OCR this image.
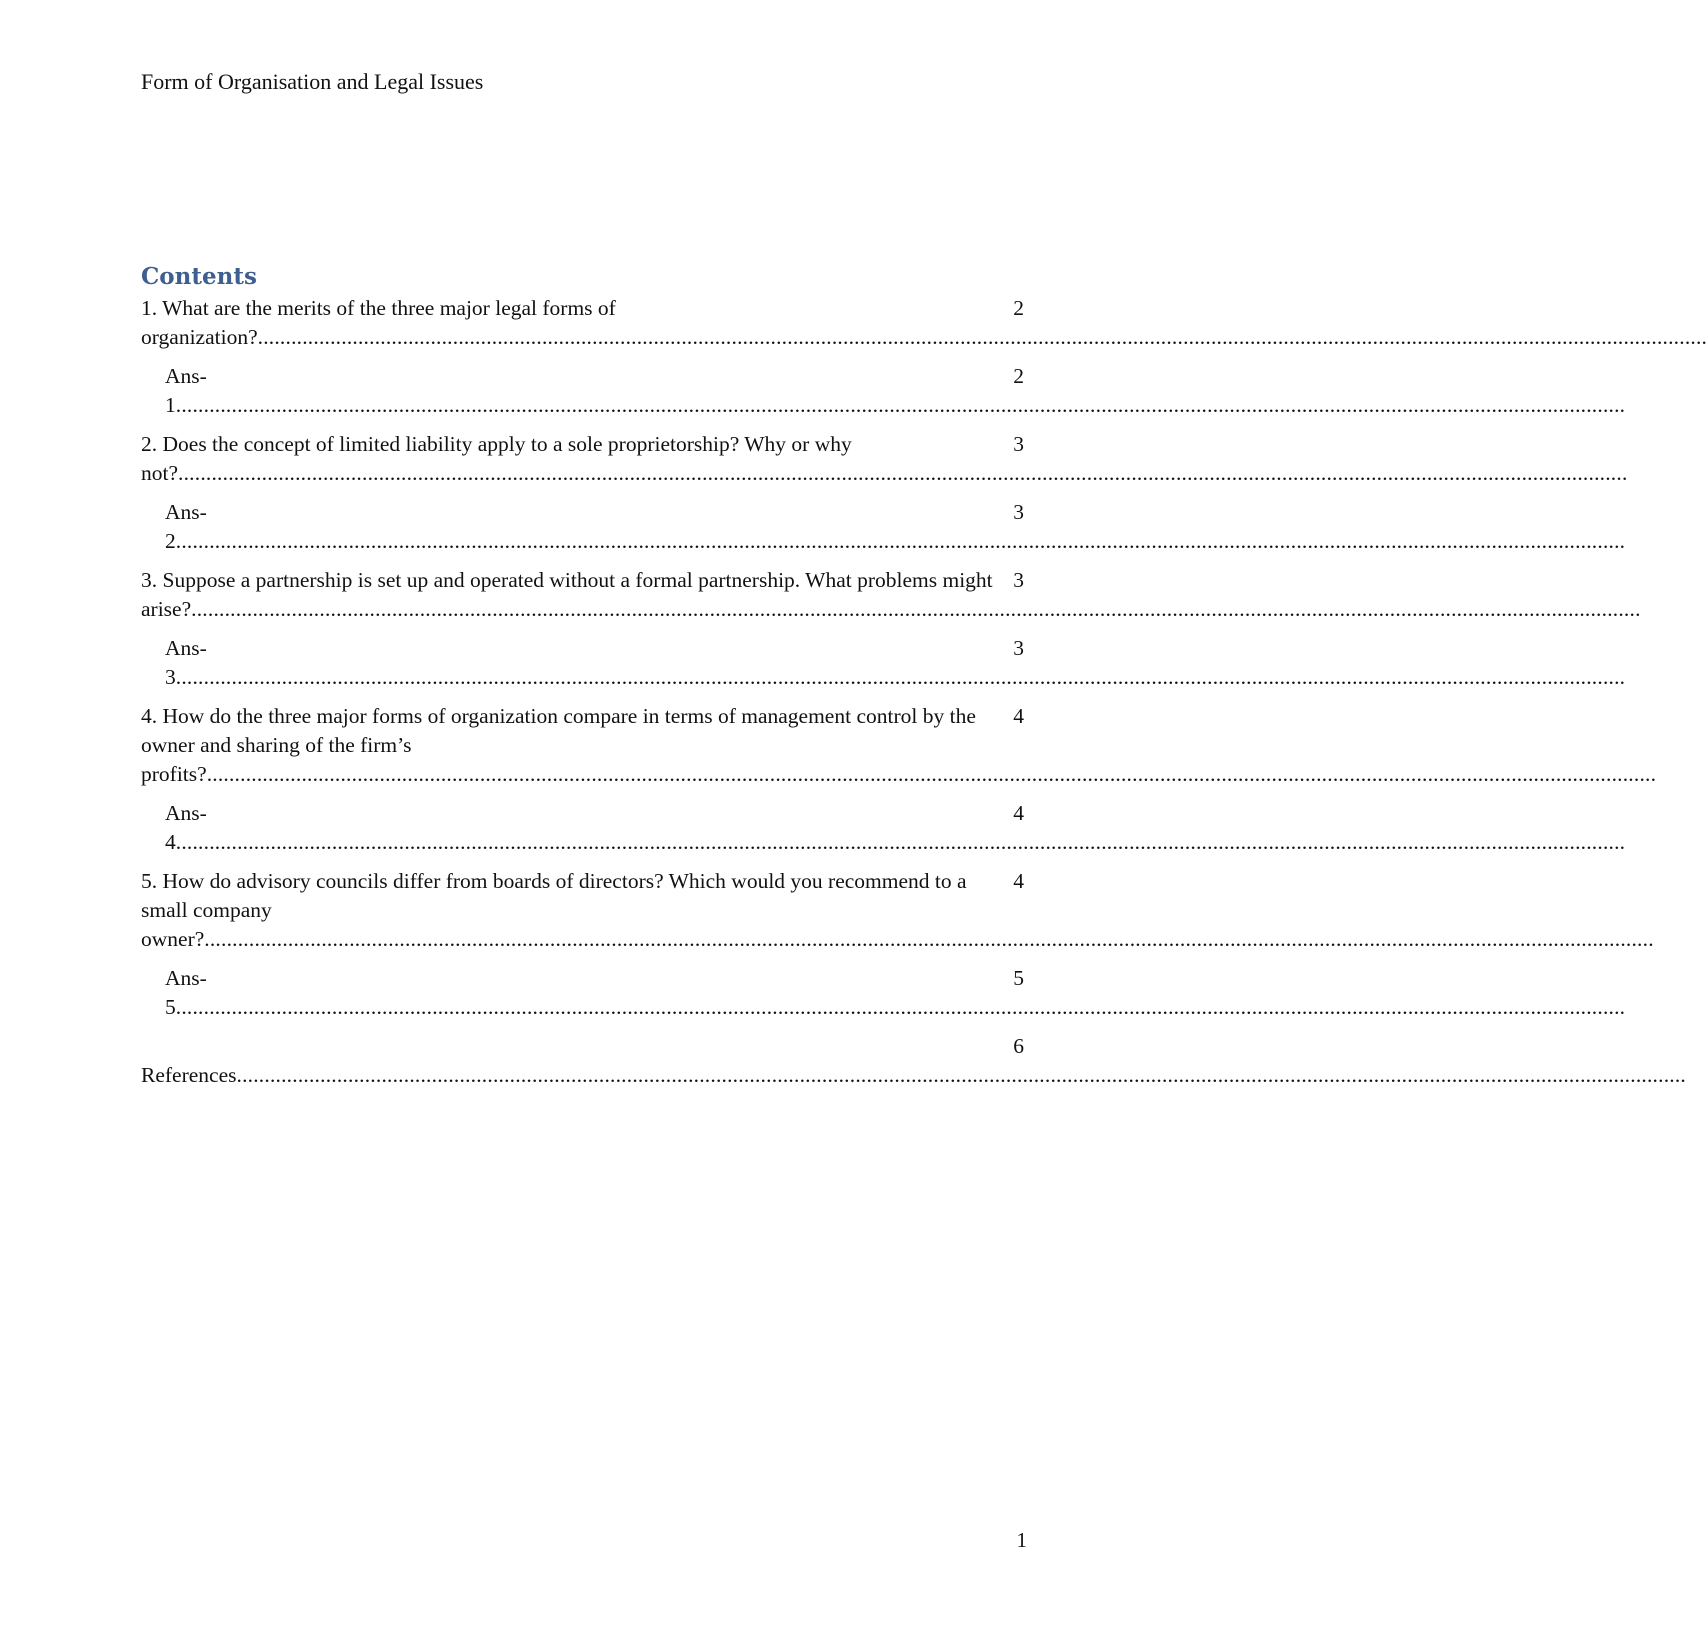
Form of Organisation and Legal Issues
Contents
2
1. What are the merits of the three major legal forms of organization?....................................................................................................................................................................................................................................................................
2
Ans-1....................................................................................................................................................................................................................................................................
3
2. Does the concept of limited liability apply to a sole proprietorship? Why or why not?....................................................................................................................................................................................................................................................................
3
Ans-2....................................................................................................................................................................................................................................................................
3
3. Suppose a partnership is set up and operated without a formal partnership. What problems might arise?....................................................................................................................................................................................................................................................................
3
Ans-3....................................................................................................................................................................................................................................................................
4
4. How do the three major forms of organization compare in terms of management control by the owner and sharing of the firm’s profits?....................................................................................................................................................................................................................................................................
4
Ans-4....................................................................................................................................................................................................................................................................
4
5. How do advisory councils differ from boards of directors? Which would you recommend to a small company owner?....................................................................................................................................................................................................................................................................
5
Ans-5....................................................................................................................................................................................................................................................................
6
References....................................................................................................................................................................................................................................................................
1
